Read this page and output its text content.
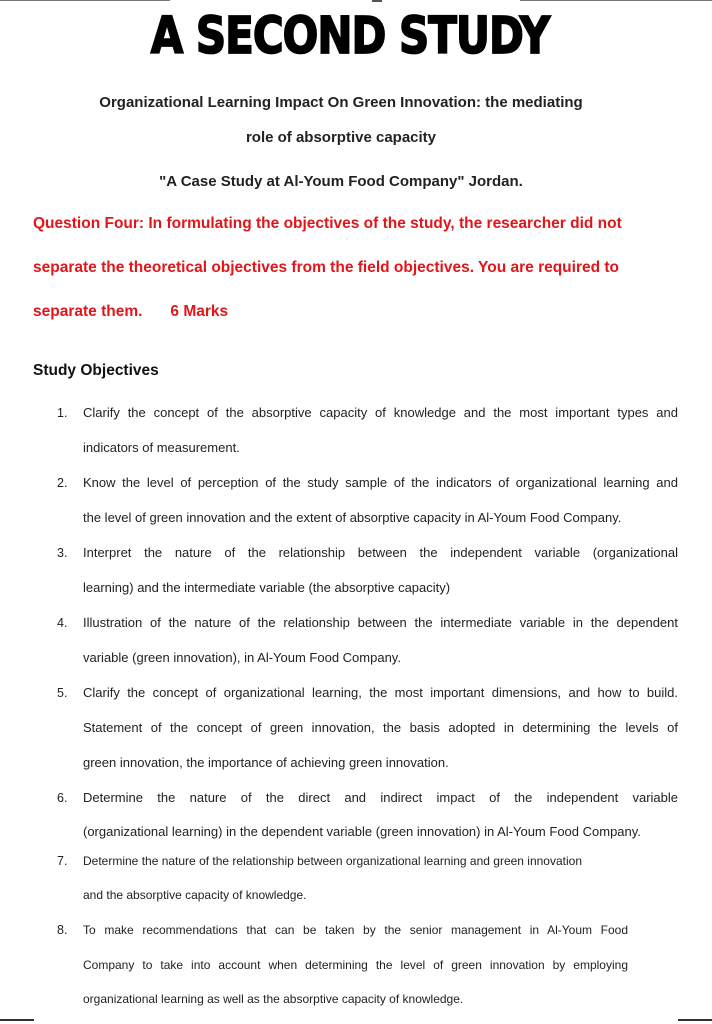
A SECOND STUDY
Organizational Learning Impact On Green Innovation: the mediating
role of absorptive capacity
"A Case Study at Al-Youm Food Company" Jordan.
Question Four: In formulating the objectives of the study, the researcher did not
separate the theoretical objectives from the field objectives. You are required to
separate them. 6 Marks
Study Objectives
1. Clarify the concept of the absorptive capacity of knowledge and the most important types and
indicators of measurement.
2. Know the level of perception of the study sample of the indicators of organizational learning and
the level of green innovation and the extent of absorptive capacity in Al-Youm Food Company.
3. Interpret the nature of the relationship between the independent variable (organizational
learning) and the intermediate variable (the absorptive capacity)
4. Illustration of the nature of the relationship between the intermediate variable in the dependent
variable (green innovation), in Al-Youm Food Company.
5. Clarify the concept of organizational learning, the most important dimensions, and how to build.
Statement of the concept of green innovation, the basis adopted in determining the levels of
green innovation, the importance of achieving green innovation.
6. Determine the nature of the direct and indirect impact of the independent variable
(organizational learning) in the dependent variable (green innovation) in Al-Youm Food Company.
7. Determine the nature of the relationship between organizational learning and green innovation
and the absorptive capacity of knowledge.
8. To make recommendations that can be taken by the senior management in Al-Youm Food
Company to take into account when determining the level of green innovation by employing
organizational learning as well as the absorptive capacity of knowledge.
